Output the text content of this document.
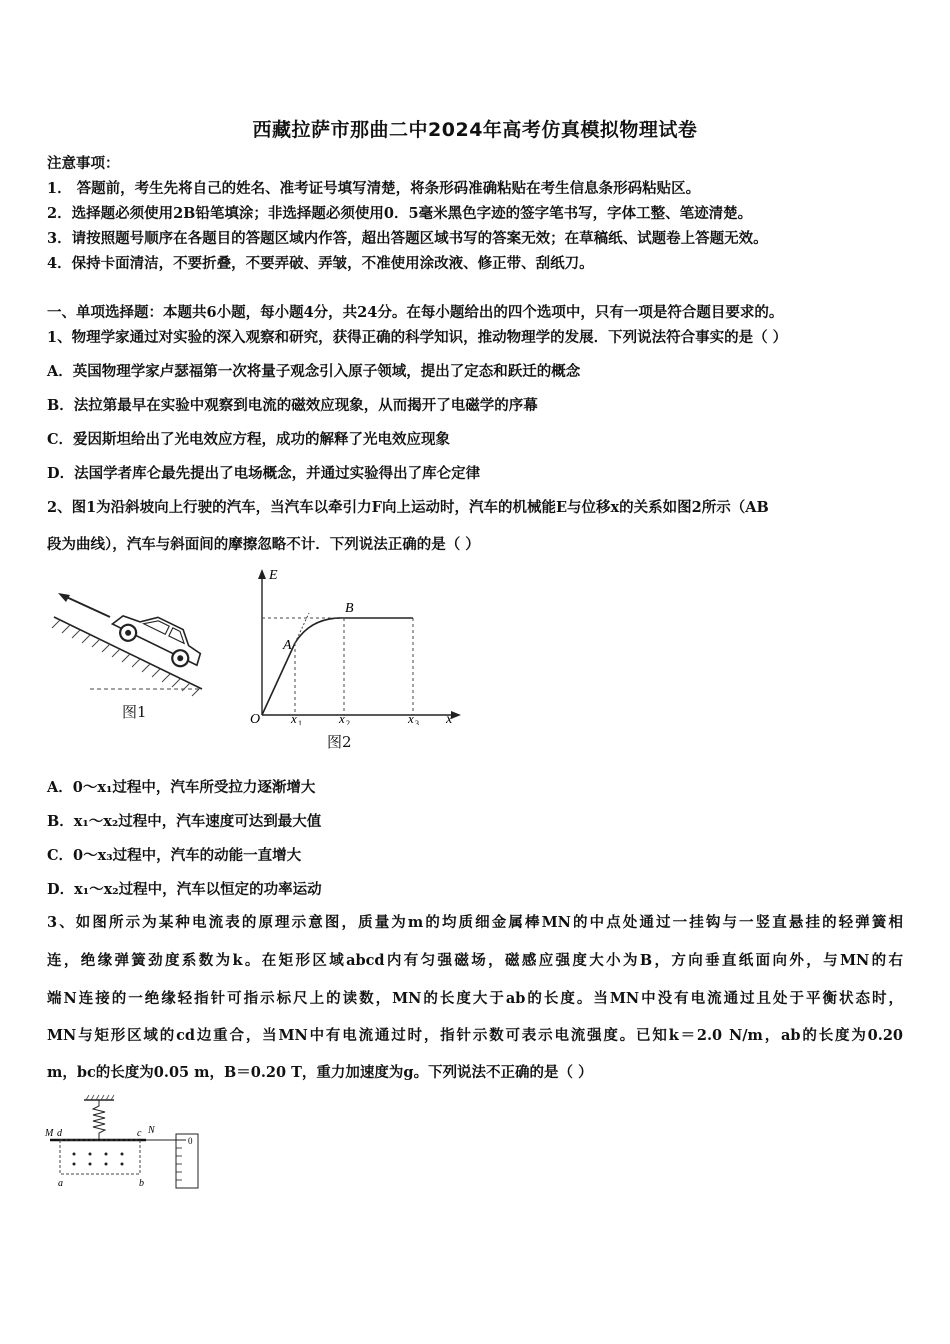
西藏拉萨市那曲二中2024年高考仿真模拟物理试卷
注意事项：
1． 答题前，考生先将自己的姓名、准考证号填写清楚，将条形码准确粘贴在考生信息条形码粘贴区。
2．选择题必须使用2B铅笔填涂；非选择题必须使用0．5毫米黑色字迹的签字笔书写，字体工整、笔迹清楚。
3．请按照题号顺序在各题目的答题区域内作答，超出答题区域书写的答案无效；在草稿纸、试题卷上答题无效。
4．保持卡面清洁，不要折叠，不要弄破、弄皱，不准使用涂改液、修正带、刮纸刀。
一、单项选择题：本题共6小题，每小题4分，共24分。在每小题给出的四个选项中，只有一项是符合题目要求的。
1、物理学家通过对实验的深入观察和研究，获得正确的科学知识，推动物理学的发展．下列说法符合事实的是（ ）
A．英国物理学家卢瑟福第一次将量子观念引入原子领域，提出了定态和跃迁的概念
B．法拉第最早在实验中观察到电流的磁效应现象，从而揭开了电磁学的序幕
C．爱因斯坦给出了光电效应方程，成功的解释了光电效应现象
D．法国学者库仑最先提出了电场概念，并通过实验得出了库仑定律
2、图1为沿斜坡向上行驶的汽车，当汽车以牵引力F向上运动时，汽车的机械能E与位移x的关系如图2所示（AB
段为曲线），汽车与斜面间的摩擦忽略不计．下列说法正确的是（ ）
图1
E
B
A
O x 1	x 2	x 3 x
图2
A．0～x₁过程中，汽车所受拉力逐渐增大
B．x₁～x₂过程中，汽车速度可达到最大值
C．0～x₃过程中，汽车的动能一直增大
D．x₁～x₂过程中，汽车以恒定的功率运动
3、如图所示为某种电流表的原理示意图，质量为m的均质细金属棒MN的中点处通过一挂钩与一竖直悬挂的轻弹簧相
连，绝缘弹簧劲度系数为k。在矩形区域abcd内有匀强磁场，磁感应强度大小为B，方向垂直纸面向外，与MN的右
端N连接的一绝缘轻指针可指示标尺上的读数，MN的长度大于ab的长度。当MN中没有电流通过且处于平衡状态时，
MN与矩形区域的cd边重合，当MN中有电流通过时，指针示数可表示电流强度。已知k＝2.0 N/m，ab的长度为0.20
m，bc的长度为0.05 m，B＝0.20 T，重力加速度为g。下列说法不正确的是（ ）
M d	c N
a	b
0
